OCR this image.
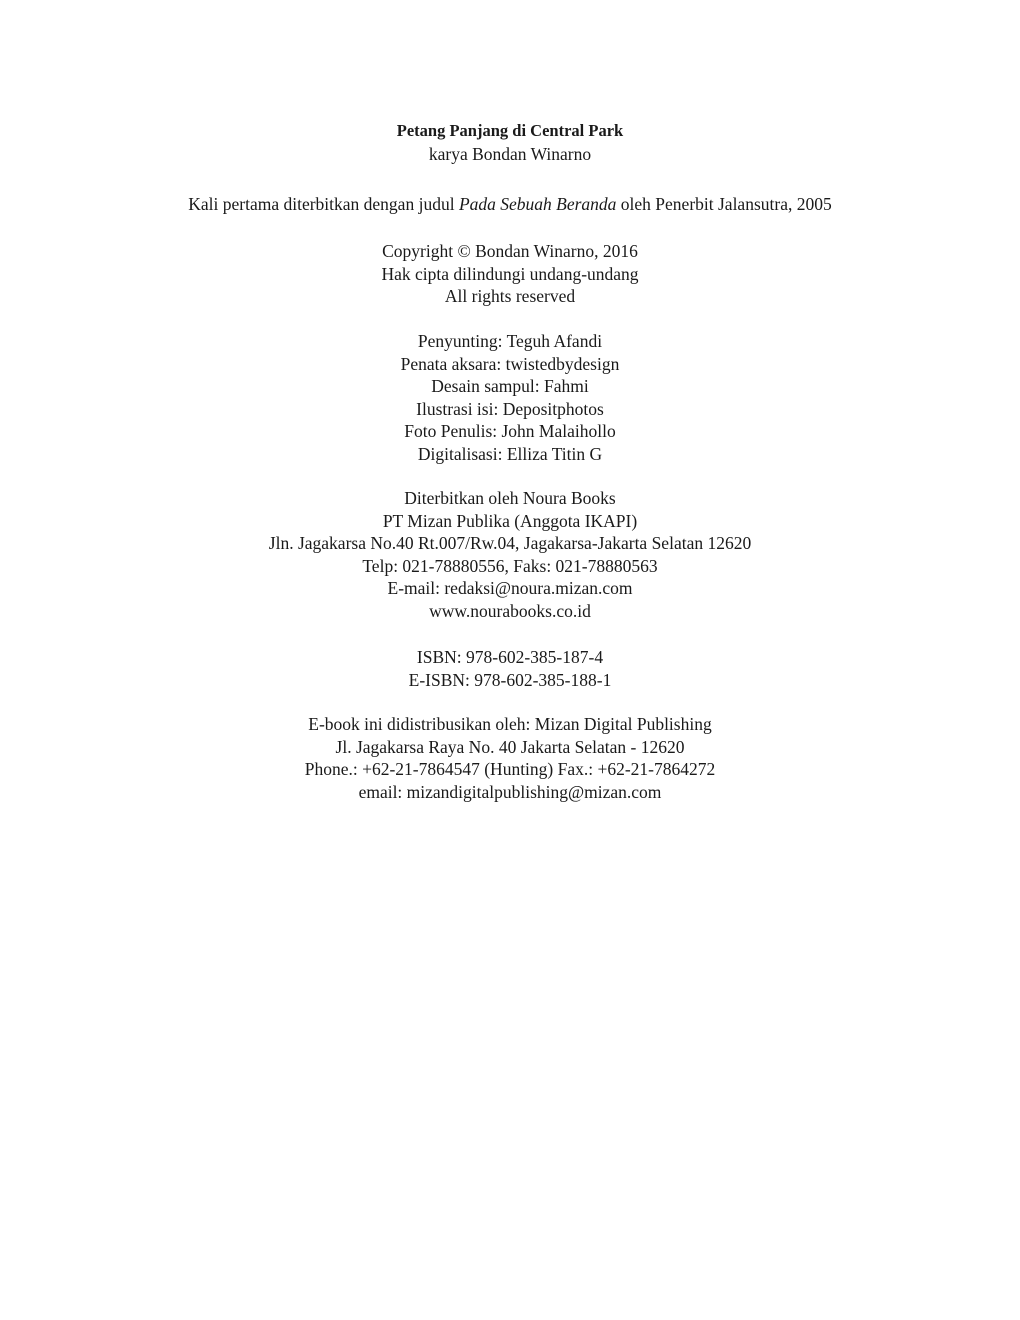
Petang Panjang di Central Park
karya Bondan Winarno
Kali pertama diterbitkan dengan judul Pada Sebuah Beranda oleh Penerbit Jalansutra, 2005
Copyright © Bondan Winarno, 2016
Hak cipta dilindungi undang-undang
All rights reserved
Penyunting: Teguh Afandi
Penata aksara: twistedbydesign
Desain sampul: Fahmi
Ilustrasi isi: Depositphotos
Foto Penulis: John Malaihollo
Digitalisasi: Elliza Titin G
Diterbitkan oleh Noura Books
PT Mizan Publika (Anggota IKAPI)
Jln. Jagakarsa No.40 Rt.007/Rw.04, Jagakarsa-Jakarta Selatan 12620
Telp: 021-78880556, Faks: 021-78880563
E-mail: redaksi@noura.mizan.com
www.nourabooks.co.id
ISBN: 978-602-385-187-4
E-ISBN: 978-602-385-188-1
E-book ini didistribusikan oleh: Mizan Digital Publishing
Jl. Jagakarsa Raya No. 40 Jakarta Selatan - 12620
Phone.: +62-21-7864547 (Hunting) Fax.: +62-21-7864272
email: mizandigitalpublishing@mizan.com
